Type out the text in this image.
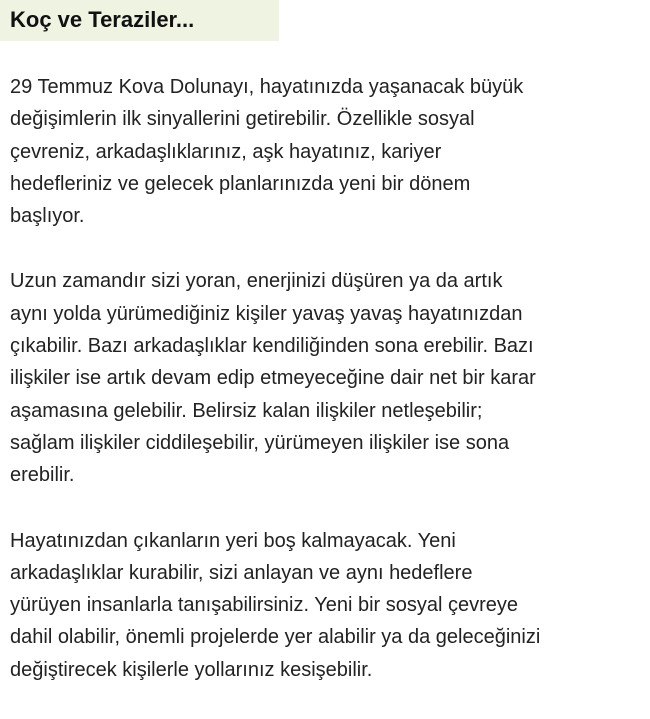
Koç ve Teraziler...

29 Temmuz Kova Dolunayı, hayatınızda yaşanacak büyük
değişimlerin ilk sinyallerini getirebilir. Özellikle sosyal
çevreniz, arkadaşlıklarınız, aşk hayatınız, kariyer
hedefleriniz ve gelecek planlarınızda yeni bir dönem
başlıyor.

Uzun zamandır sizi yoran, enerjinizi düşüren ya da artık
aynı yolda yürümediğiniz kişiler yavaş yavaş hayatınızdan
çıkabilir. Bazı arkadaşlıklar kendiliğinden sona erebilir. Bazı
ilişkiler ise artık devam edip etmeyeceğine dair net bir karar
aşamasına gelebilir. Belirsiz kalan ilişkiler netleşebilir;
sağlam ilişkiler ciddileşebilir, yürümeyen ilişkiler ise sona
erebilir.

Hayatınızdan çıkanların yeri boş kalmayacak. Yeni
arkadaşlıklar kurabilir, sizi anlayan ve aynı hedeflere
yürüyen insanlarla tanışabilirsiniz. Yeni bir sosyal çevreye
dahil olabilir, önemli projelerde yer alabilir ya da geleceğinizi
değiştirecek kişilerle yollarınız kesişebilir.
